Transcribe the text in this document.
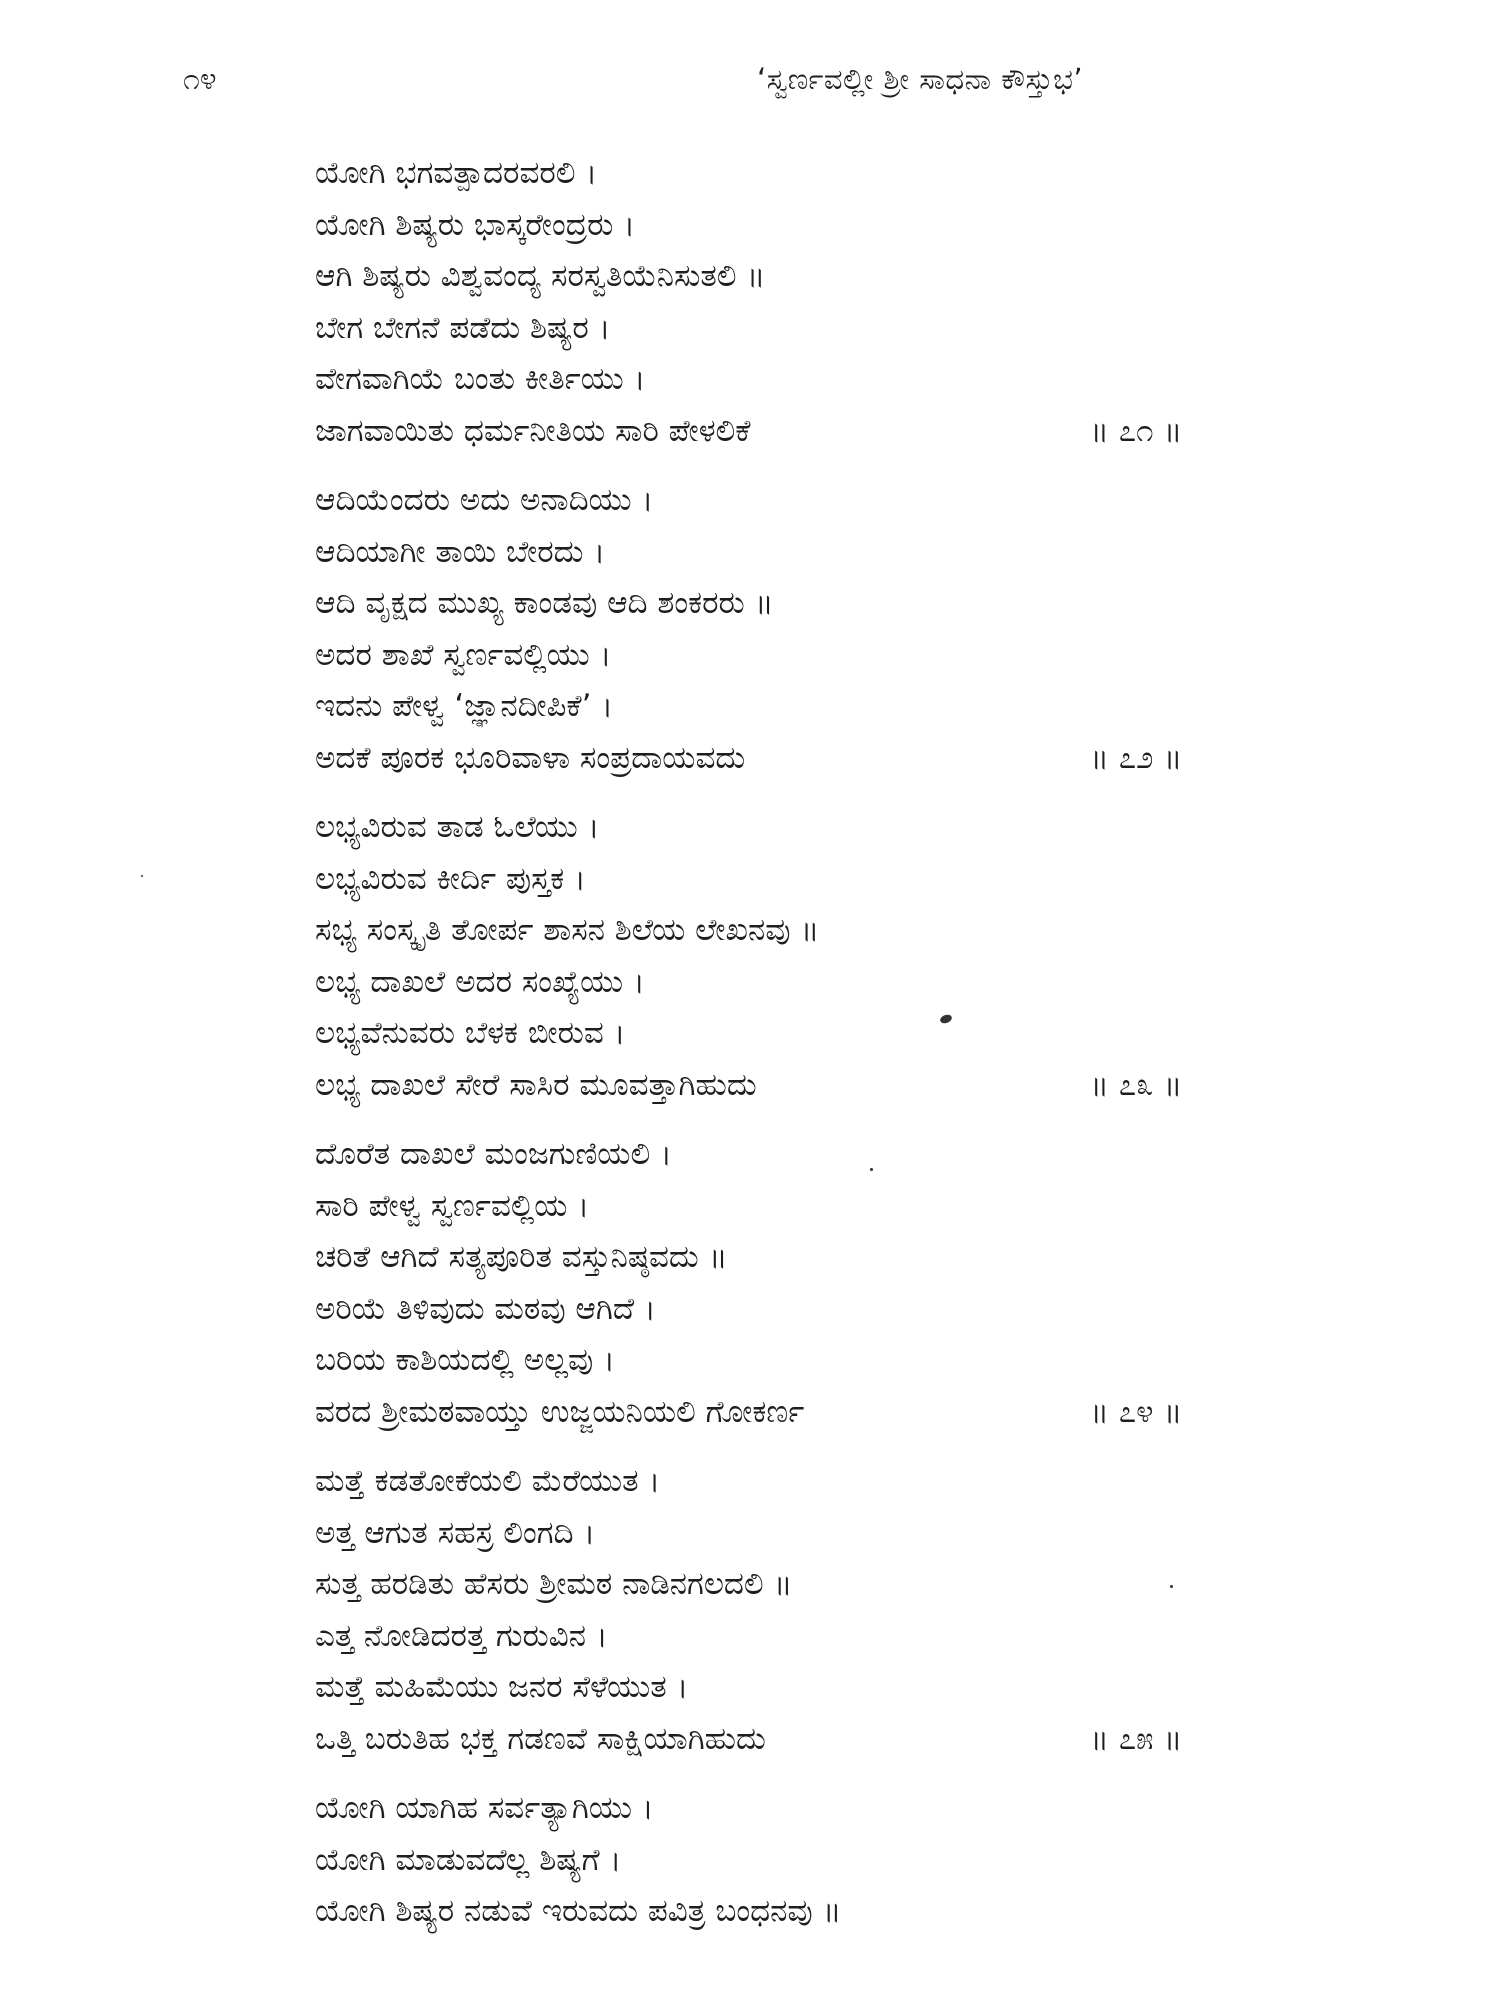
೧೪	‘ಸ್ವರ್ಣವಲ್ಲೀ ಶ್ರೀ ಸಾಧನಾ ಕೌಸ್ತುಭ’
ಯೋಗಿ ಭಗವತ್ಪಾದರವರಲಿ ।
ಯೋಗಿ ಶಿಷ್ಯರು ಭಾಸ್ಕರೇಂದ್ರರು ।
ಆಗಿ ಶಿಷ್ಯರು ವಿಶ್ವವಂದ್ಯ ಸರಸ್ವತಿಯೆನಿಸುತಲಿ ॥
ಬೇಗ ಬೇಗನೆ ಪಡೆದು ಶಿಷ್ಯರ ।
ವೇಗವಾಗಿಯೆ ಬಂತು ಕೀರ್ತಿಯು ।
ಜಾಗವಾಯಿತು ಧರ್ಮನೀತಿಯ ಸಾರಿ ಪೇಳಲಿಕೆ	॥ ೭೧ ॥
ಆದಿಯೆಂದರು ಅದು ಅನಾದಿಯು ।
ಆದಿಯಾಗೀ ತಾಯಿ ಬೇರದು ।
ಆದಿ ವೃಕ್ಷದ ಮುಖ್ಯ ಕಾಂಡವು ಆದಿ ಶಂಕರರು ॥
ಅದರ ಶಾಖೆ ಸ್ವರ್ಣವಲ್ಲಿಯು ।
ಇದನು ಪೇಳ್ವ ‘ಜ್ಞಾನದೀಪಿಕೆ’ ।
ಅದಕೆ ಪೂರಕ ಭೂರಿವಾಳಾ ಸಂಪ್ರದಾಯವದು	॥ ೭೨ ॥
ಲಭ್ಯವಿರುವ ತಾಡ ಓಲೆಯು ।
ಲಭ್ಯವಿರುವ ಕೀರ್ದಿ ಪುಸ್ತಕ ।
ಸಭ್ಯ ಸಂಸ್ಕೃತಿ ತೋರ್ಪ ಶಾಸನ ಶಿಲೆಯ ಲೇಖನವು ॥
ಲಭ್ಯ ದಾಖಲೆ ಅದರ ಸಂಖ್ಯೆಯು ।
ಲಭ್ಯವೆನುವರು ಬೆಳಕ ಬೀರುವ ।
ಲಭ್ಯ ದಾಖಲೆ ಸೇರೆ ಸಾಸಿರ ಮೂವತ್ತಾಗಿಹುದು	॥ ೭೩ ॥
ದೊರೆತ ದಾಖಲೆ ಮಂಜಗುಣಿಯಲಿ ।
ಸಾರಿ ಪೇಳ್ವ ಸ್ವರ್ಣವಲ್ಲಿಯ ।
ಚರಿತೆ ಆಗಿದೆ ಸತ್ಯಪೂರಿತ ವಸ್ತುನಿಷ್ಠವದು ॥
ಅರಿಯೆ ತಿಳಿವುದು ಮಠವು ಆಗಿದೆ ।
ಬರಿಯ ಕಾಶಿಯದಲ್ಲಿ ಅಲ್ಲವು ।
ವರದ ಶ್ರೀಮಠವಾಯ್ತು ಉಜ್ಜಯನಿಯಲಿ ಗೋಕರ್ಣ	॥ ೭೪ ॥
ಮತ್ತೆ ಕಡತೋಕೆಯಲಿ ಮೆರೆಯುತ ।
ಅತ್ತ ಆಗುತ ಸಹಸ್ರ ಲಿಂಗದಿ ।
ಸುತ್ತ ಹರಡಿತು ಹೆಸರು ಶ್ರೀಮಠ ನಾಡಿನಗಲದಲಿ ॥
ಎತ್ತ ನೋಡಿದರತ್ತ ಗುರುವಿನ ।
ಮತ್ತೆ ಮಹಿಮೆಯು ಜನರ ಸೆಳೆಯುತ ।
ಒತ್ತಿ ಬರುತಿಹ ಭಕ್ತ ಗಡಣವೆ ಸಾಕ್ಷಿಯಾಗಿಹುದು	॥ ೭೫ ॥
ಯೋಗಿ ಯಾಗಿಹ ಸರ್ವತ್ಯಾಗಿಯು ।
ಯೋಗಿ ಮಾಡುವದೆಲ್ಲ ಶಿಷ್ಯಗೆ ।
ಯೋಗಿ ಶಿಷ್ಯರ ನಡುವೆ ಇರುವದು ಪವಿತ್ರ ಬಂಧನವು ॥
